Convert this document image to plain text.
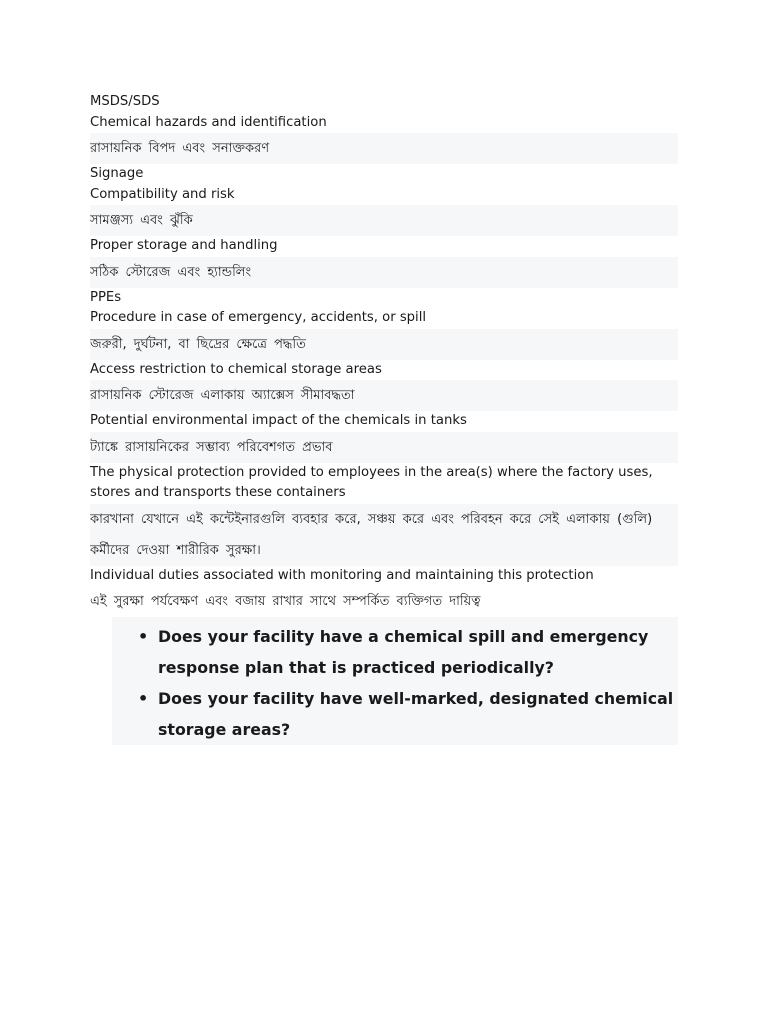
MSDS/SDS
Chemical hazards and identification
রাসায়নিক বিপদ এবং সনাক্তকরণ
Signage
Compatibility and risk
সামঞ্জস্য এবং ঝুঁকি
Proper storage and handling
সঠিক স্টোরেজ এবং হ্যান্ডলিং
PPEs
Procedure in case of emergency, accidents, or spill
জরুরী, দুর্ঘটনা, বা ছিদ্রের ক্ষেত্রে পদ্ধতি
Access restriction to chemical storage areas
রাসায়নিক স্টোরেজ এলাকায় অ্যাক্সেস সীমাবদ্ধতা
Potential environmental impact of the chemicals in tanks
ট্যাঙ্কে রাসায়নিকের সম্ভাব্য পরিবেশগত প্রভাব
The physical protection provided to employees in the area(s) where the factory uses, stores and transports these containers
কারখানা যেখানে এই কন্টেইনারগুলি ব্যবহার করে, সঞ্চয় করে এবং পরিবহন করে সেই এলাকায় (গুলি) কর্মীদের দেওয়া শারীরিক সুরক্ষা।
Individual duties associated with monitoring and maintaining this protection
এই সুরক্ষা পর্যবেক্ষণ এবং বজায় রাখার সাথে সম্পর্কিত ব্যক্তিগত দায়িত্ব
• Does your facility have a chemical spill and emergency response plan that is practiced periodically?
• Does your facility have well-marked, designated chemical storage areas?
